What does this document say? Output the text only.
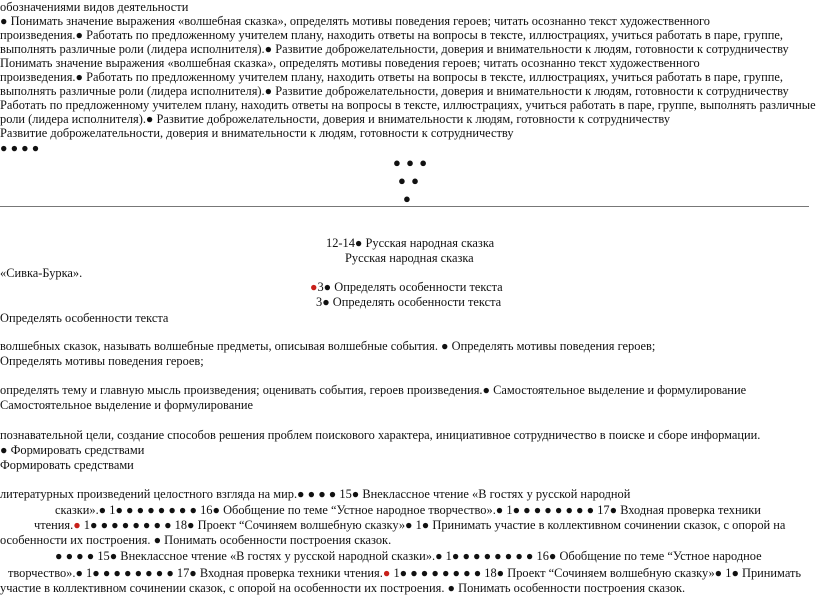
обозначениями видов деятельности
● Понимать значение выражения «волшебная сказка», определять мотивы поведения героев; читать оcознанно текст художественного
произведения.● Работать по предложенному учителем плану, находить ответы на вопросы в тексте, иллюстрациях, учиться работать в паре, группе,
выполнять различные роли (лидера исполнителя).● Развитие доброжелательности, доверия и внимательности к людям, готовности к сотрудничеству
Понимать значение выражения «волшебная сказка», определять мотивы поведения героев; читать осознанно текст художественного
произведения.● Работать по предложенному учителем плану, находить ответы на вопросы в тексте, иллюстрациях, учиться работать в паре, группе,
выполнять различные роли (лидера исполнителя).● Развитие доброжелательности, доверия и внимательности к людям, готовности к сотрудничеству
Работать по предложенному учителем плану, находить ответы на вопросы в тексте, иллюстрациях, учиться работать в паре, группе, выполнять различные
роли (лидера исполнителя).● Развитие доброжелательности, доверия и внимательности к людям, готовности к сотрудничеству
Развитие доброжелательности, доверия и внимательности к людям, готовности к сотрудничеству
● ● ● ●
● ● ●
● ●
●
12-14● Русская народная сказка
Русская народная сказка
«Сивка-Бурка».
●3● Определять особенности текста
3● Определять особенности текста
Определять особенности текста
волшебных сказок, называть волшебные предметы, описывая волшебные события. ● Определять мотивы поведения героев;
Определять мотивы поведения героев;
определять тему и главную мысль произведения; оценивать события, героев произведения.● Самостоятельное выделение и формулирование
Самостоятельное выделение и формулирование
познавательной цели, создание способов решения проблем поискового характера, инициативное сотрудничество в поиске и сборе информации.
● Формировать средствами
Формировать средствами
литературных произведений целостного взгляда на мир.● ● ● ● 15● Внеклассное чтение «В гостях у русской народной
сказки».● 1● ● ● ● ● ● ● ● 16● Обобщение по теме “Устное народное творчество».● 1● ● ● ● ● ● ● ● 17● Входная проверка техники
чтения.● 1● ● ● ● ● ● ● ● 18● Проект “Сочиняем волшебную сказку»● 1● Принимать участие в коллективном сочинении сказок, с опорой на
особенности их построения. ● Понимать особенности построения сказок.
● ● ● ● 15● Внеклассное чтение «В гостях у русской народной сказки».● 1● ● ● ● ● ● ● ● 16● Обобщение по теме “Устное народное
творчество».● 1● ● ● ● ● ● ● ● 17● Входная проверка техники чтения.● 1● ● ● ● ● ● ● ● 18● Проект “Сочиняем волшебную сказку»● 1● Принимать
участие в коллективном сочинении сказок, с опорой на особенности их построения. ● Понимать особенности построения сказок.
